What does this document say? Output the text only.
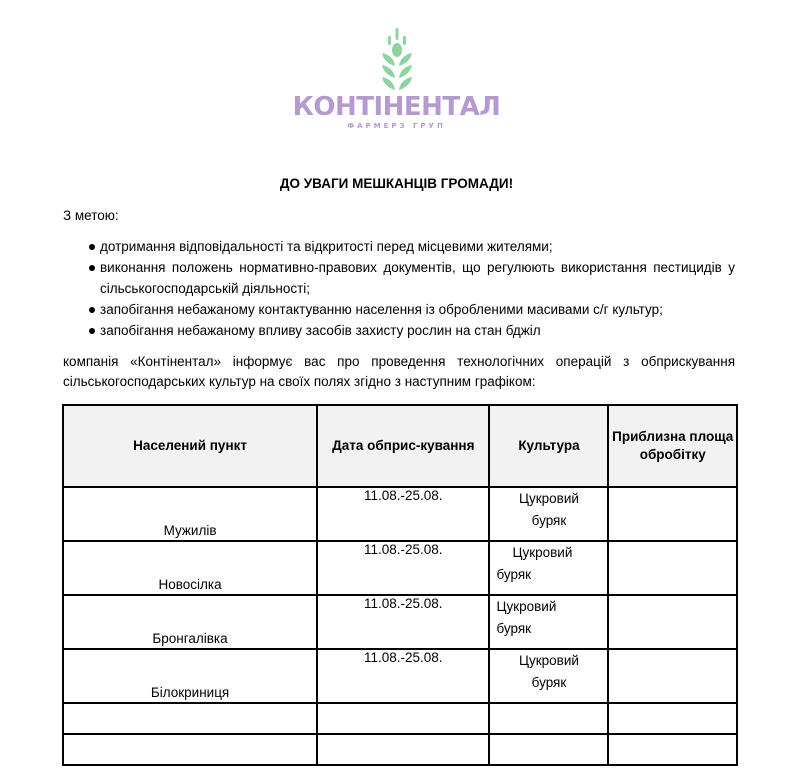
КОНТІНЕНТАЛ
ФАРМЕРЗ ГРУП
ДО УВАГИ МЕШКАНЦІВ ГРОМАДИ!
З метою:
дотримання відповідальності та відкритості перед місцевими жителями;
виконання положень нормативно-правових документів, що регулюють використання пестицидів у сільськогосподарській діяльності;
запобігання небажаному контактуванню населення із обробленими масивами с/г культур;
запобігання небажаному впливу засобів захисту рослин на стан бджіл
компанія «Контінентал» інформує вас про проведення технологічних операцій з обприскування сільськогосподарських культур на своїх полях згідно з наступним графіком:
Населений пункт	Дата обприс-кування	Культура	Приблизна площа обробітку
Мужилів	11.08.-25.08.	Цукровий
буряк	

Новосілка	11.08.-25.08.	Цукровий
буряк	

Бронгалівка	11.08.-25.08.	Цукровий
буряк	

Білокриниця	11.08.-25.08.	Цукровий
буряк	
